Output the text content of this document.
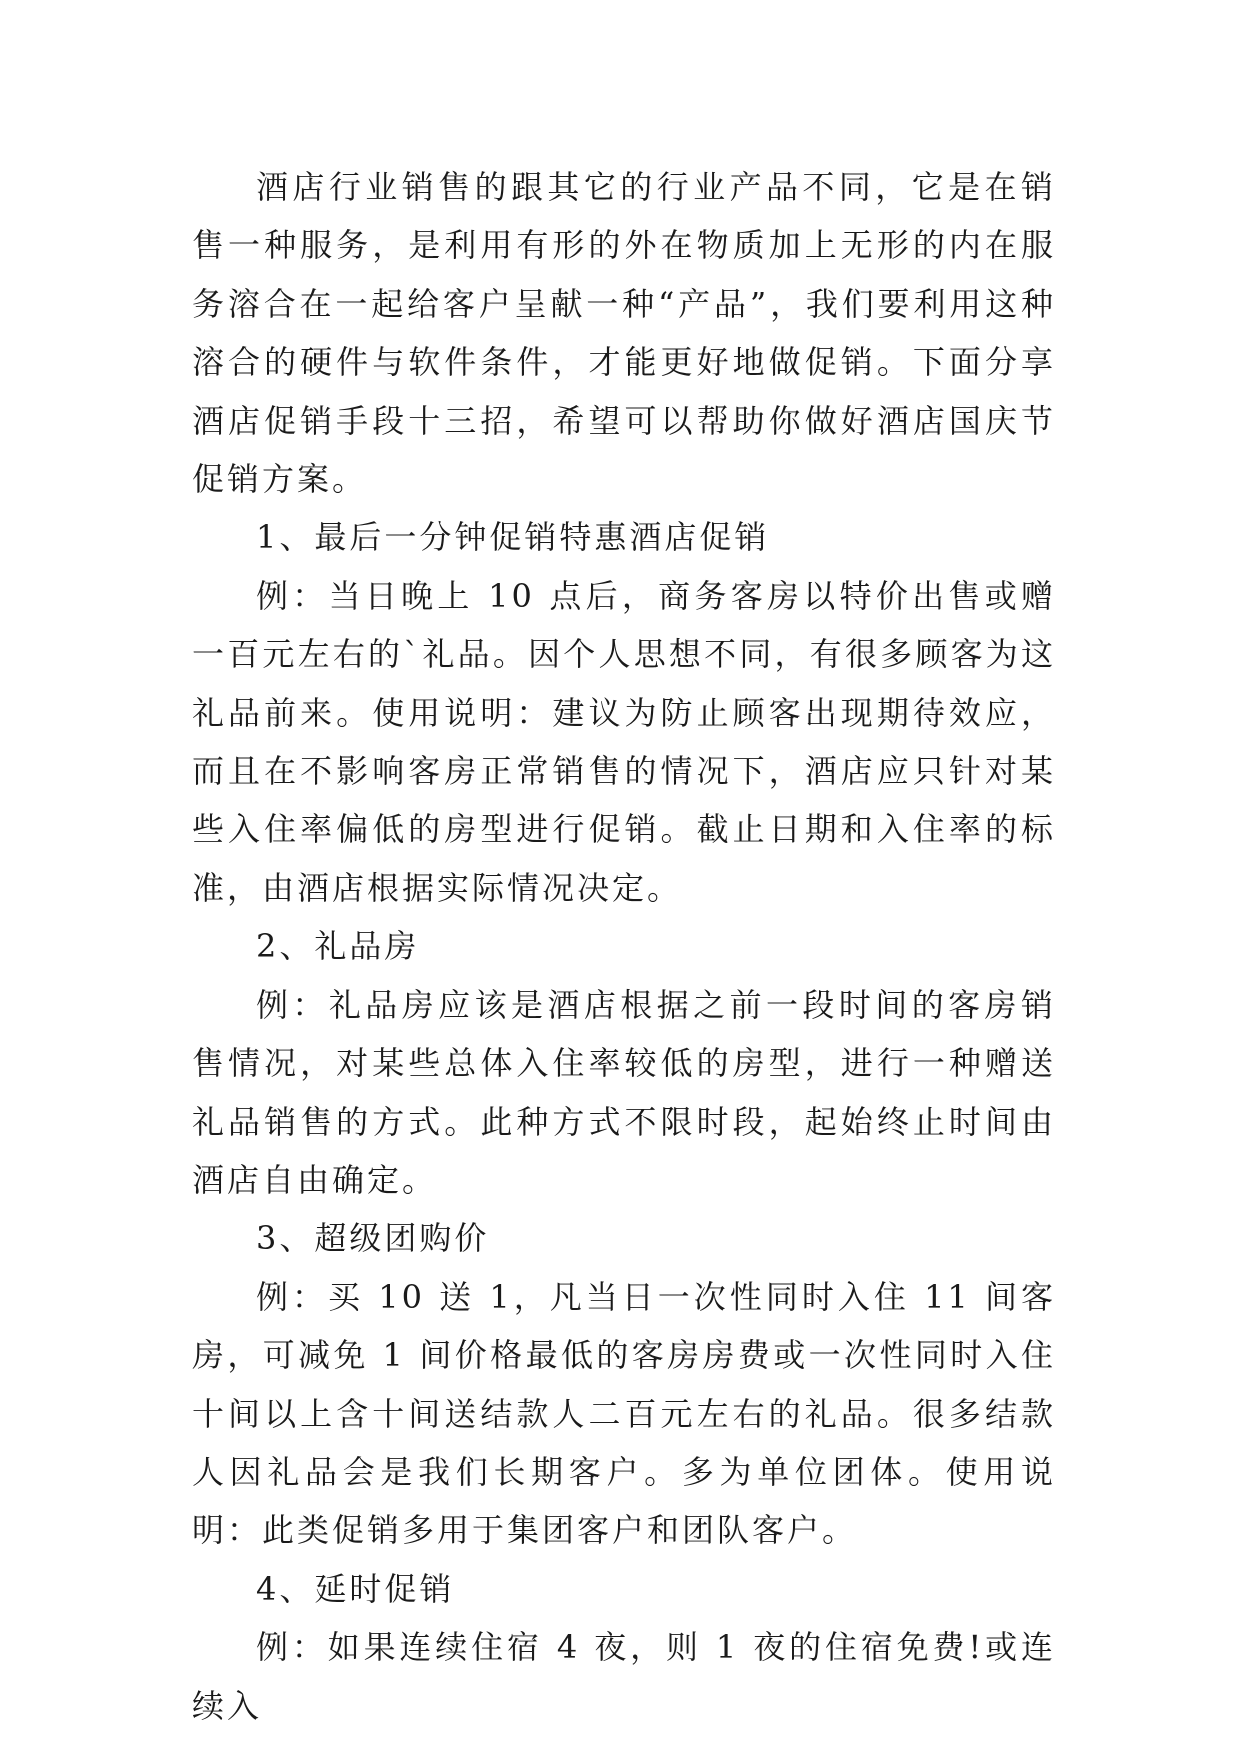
酒店行业销售的跟其它的行业产品不同，它是在销售一种服务，是利用有形的外在物质加上无形的内在服务溶合在一起给客户呈献一种“产品”，我们要利用这种溶合的硬件与软件条件，才能更好地做促销。下面分享酒店促销手段十三招，希望可以帮助你做好酒店国庆节促销方案。

1、最后一分钟促销特惠酒店促销

例：当日晚上 10 点后，商务客房以特价出售或赠一百元左右的`礼品。因个人思想不同，有很多顾客为这礼品前来。使用说明：建议为防止顾客出现期待效应，而且在不影响客房正常销售的情况下，酒店应只针对某些入住率偏低的房型进行促销。截止日期和入住率的标准，由酒店根据实际情况决定。

2、礼品房

例：礼品房应该是酒店根据之前一段时间的客房销售情况，对某些总体入住率较低的房型，进行一种赠送礼品销售的方式。此种方式不限时段，起始终止时间由酒店自由确定。

3、超级团购价

例：买 10 送 1，凡当日一次性同时入住 11 间客房，可减免 1 间价格最低的客房房费或一次性同时入住十间以上含十间送结款人二百元左右的礼品。很多结款人因礼品会是我们长期客户。多为单位团体。使用说明：此类促销多用于集团客户和团队客户。

4、延时促销

例：如果连续住宿 4 夜，则 1 夜的住宿免费!或连续入
